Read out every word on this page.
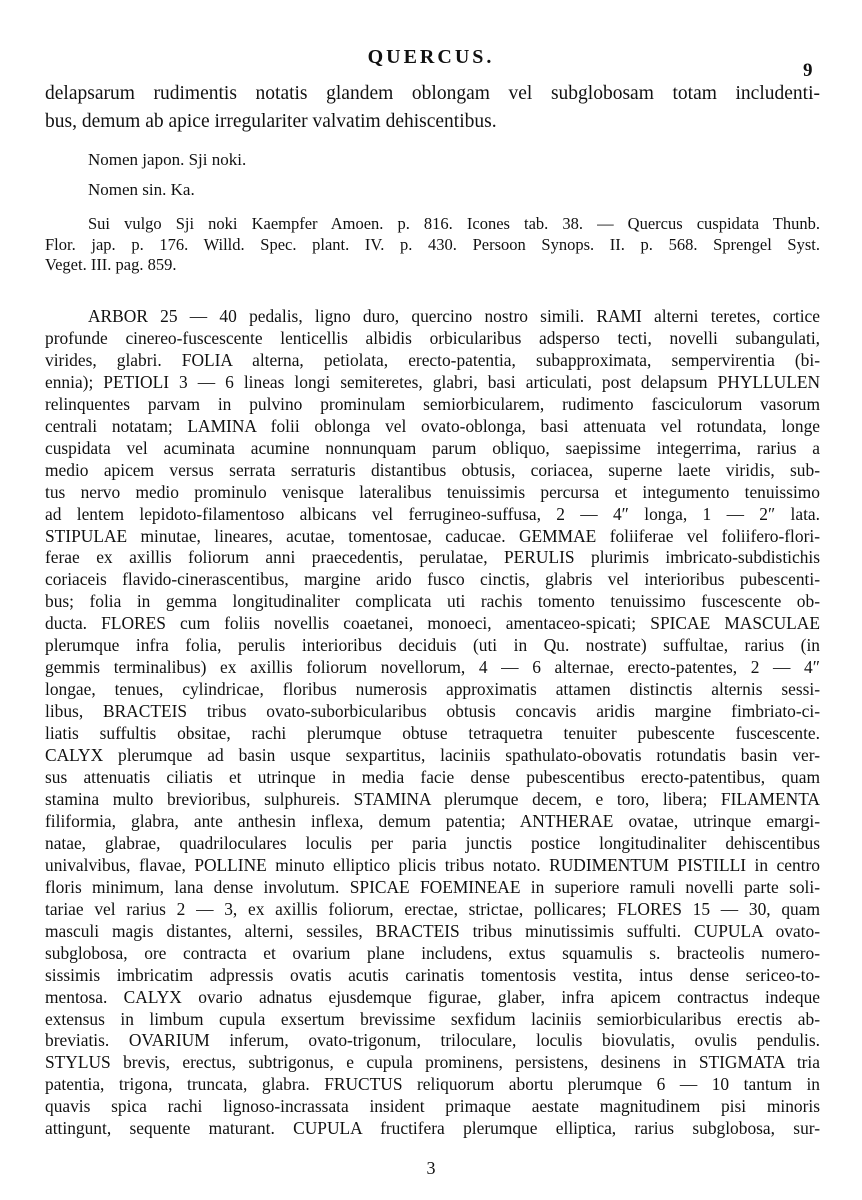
QUERCUS.
9
delapsarum rudimentis notatis glandem oblongam vel subglobosam totam includenti-
bus, demum ab apice irregulariter valvatim dehiscentibus.
Nomen japon. Sji noki.
Nomen sin. Ka.
Sui vulgo Sji noki Kaempfer Amoen. p. 816. Icones tab. 38. — Quercus cuspidata Thunb.
Flor. jap. p. 176. Willd. Spec. plant. IV. p. 430. Persoon Synops. II. p. 568. Sprengel Syst.
Veget. III. pag. 859.
ARBOR 25 — 40 pedalis, ligno duro, quercino nostro simili. RAMI alterni teretes, cortice
profunde cinereo-fuscescente lenticellis albidis orbicularibus adsperso tecti, novelli subangulati,
virides, glabri. FOLIA alterna, petiolata, erecto-patentia, subapproximata, sempervirentia (bi-
ennia); PETIOLI 3 — 6 lineas longi semiteretes, glabri, basi articulati, post delapsum PHYLLULEN
relinquentes parvam in pulvino prominulam semiorbicularem, rudimento fasciculorum vasorum
centrali notatam; LAMINA folii oblonga vel ovato-oblonga, basi attenuata vel rotundata, longe
cuspidata vel acuminata acumine nonnunquam parum obliquo, saepissime integerrima, rarius a
medio apicem versus serrata serraturis distantibus obtusis, coriacea, superne laete viridis, sub-
tus nervo medio prominulo venisque lateralibus tenuissimis percursa et integumento tenuissimo
ad lentem lepidoto-filamentoso albicans vel ferrugineo-suffusa, 2 — 4″ longa, 1 — 2″ lata.
STIPULAE minutae, lineares, acutae, tomentosae, caducae. GEMMAE foliiferae vel foliifero-flori-
ferae ex axillis foliorum anni praecedentis, perulatae, PERULIS plurimis imbricato-subdistichis
coriaceis flavido-cinerascentibus, margine arido fusco cinctis, glabris vel interioribus pubescenti-
bus; folia in gemma longitudinaliter complicata uti rachis tomento tenuissimo fuscescente ob-
ducta. FLORES cum foliis novellis coaetanei, monoeci, amentaceo-spicati; SPICAE MASCULAE
plerumque infra folia, perulis interioribus deciduis (uti in Qu. nostrate) suffultae, rarius (in
gemmis terminalibus) ex axillis foliorum novellorum, 4 — 6 alternae, erecto-patentes, 2 — 4″
longae, tenues, cylindricae, floribus numerosis approximatis attamen distinctis alternis sessi-
libus, BRACTEIS tribus ovato-suborbicularibus obtusis concavis aridis margine fimbriato-ci-
liatis suffultis obsitae, rachi plerumque obtuse tetraquetra tenuiter pubescente fuscescente.
CALYX plerumque ad basin usque sexpartitus, laciniis spathulato-obovatis rotundatis basin ver-
sus attenuatis ciliatis et utrinque in media facie dense pubescentibus erecto-patentibus, quam
stamina multo brevioribus, sulphureis. STAMINA plerumque decem, e toro, libera; FILAMENTA
filiformia, glabra, ante anthesin inflexa, demum patentia; ANTHERAE ovatae, utrinque emargi-
natae, glabrae, quadriloculares loculis per paria junctis postice longitudinaliter dehiscentibus
univalvibus, flavae, POLLINE minuto elliptico plicis tribus notato. RUDIMENTUM PISTILLI in centro
floris minimum, lana dense involutum. SPICAE FOEMINEAE in superiore ramuli novelli parte soli-
tariae vel rarius 2 — 3, ex axillis foliorum, erectae, strictae, pollicares; FLORES 15 — 30, quam
masculi magis distantes, alterni, sessiles, BRACTEIS tribus minutissimis suffulti. CUPULA ovato-
subglobosa, ore contracta et ovarium plane includens, extus squamulis s. bracteolis numero-
sissimis imbricatim adpressis ovatis acutis carinatis tomentosis vestita, intus dense sericeo-to-
mentosa. CALYX ovario adnatus ejusdemque figurae, glaber, infra apicem contractus indeque
extensus in limbum cupula exsertum brevissime sexfidum laciniis semiorbicularibus erectis ab-
breviatis. OVARIUM inferum, ovato-trigonum, triloculare, loculis biovulatis, ovulis pendulis.
STYLUS brevis, erectus, subtrigonus, e cupula prominens, persistens, desinens in STIGMATA tria
patentia, trigona, truncata, glabra. FRUCTUS reliquorum abortu plerumque 6 — 10 tantum in
quavis spica rachi lignoso-incrassata insident primaque aestate magnitudinem pisi minoris
attingunt, sequente maturant. CUPULA fructifera plerumque elliptica, rarius subglobosa, sur-
3
